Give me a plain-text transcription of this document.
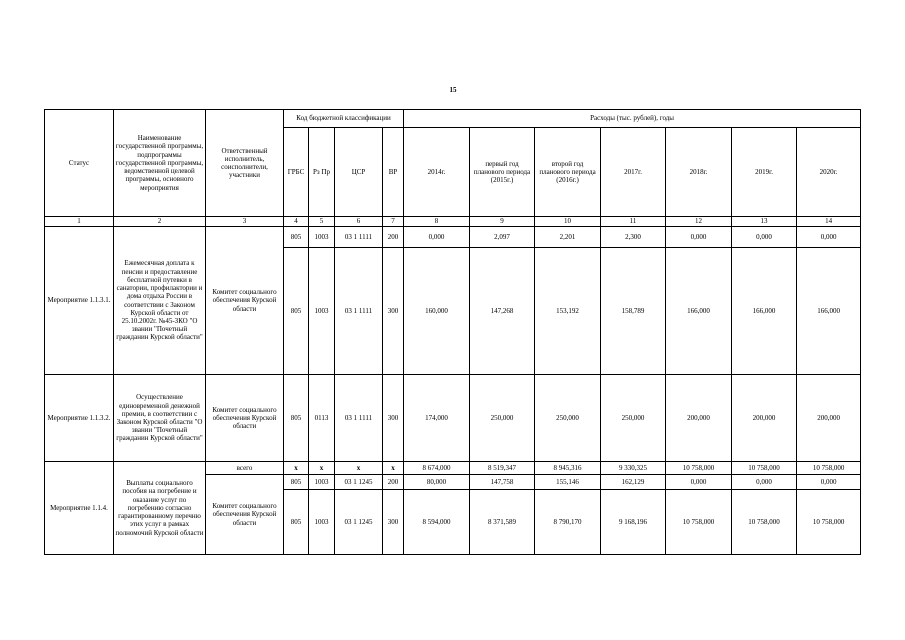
15
Статус	Наименование государственной программы, подпрограммы государственной программы, ведомственной целевой программы, основного мероприятия	Ответственный исполнитель, соисполнители, участники	Код бюджетной классификации				Расходы (тыс. рублей), годы						
			ГРБС	Рз Пр	ЦСР	ВР	2014г.	первый год планового периода (2015г.)	второй год планового периода (2016г.)	2017г.	2018г.	2019г.	2020г.
1	2	3	4	5	6	7	8	9	10	11	12	13	14
Мероприятие 1.1.3.1.	Ежемесячная доплата к пенсии и предоставление бесплатной путевки в санатории, профилактории и дома отдыха России в соответствии с Законом Курской области от 25.10.2002г. №45-ЗКО "О звании "Почетный гражданин Курской области"	Комитет социального обеспечения Курской области	805	1003	03 1 1111	200	0,000	2,097	2,201	2,300	0,000	0,000	0,000
			805	1003	03 1 1111	300	160,000	147,268	153,192	158,789	166,000	166,000	166,000
Мероприятие 1.1.3.2.	Осуществление единовременной денежной премии, в соответствии с Законом Курской области "О звании "Почетный гражданин Курской области"	Комитет социального обеспечения Курской области	805	0113	03 1 1111	300	174,000	250,000	250,000	250,000	200,000	200,000	200,000
Мероприятие 1.1.4.	Выплаты социального пособия на погребение и оказание услуг по погребению согласно гарантированному перечню этих услуг в рамках полномочий Курской области	всего	x	x	x	x	8 674,000	8 519,347	8 945,316	9 330,325	10 758,000	10 758,000	10 758,000
		Комитет социального обеспечения Курской области	805	1003	03 1 1245	200	80,000	147,758	155,146	162,129	0,000	0,000	0,000
			805	1003	03 1 1245	300	8 594,000	8 371,589	8 790,170	9 168,196	10 758,000	10 758,000	10 758,000
